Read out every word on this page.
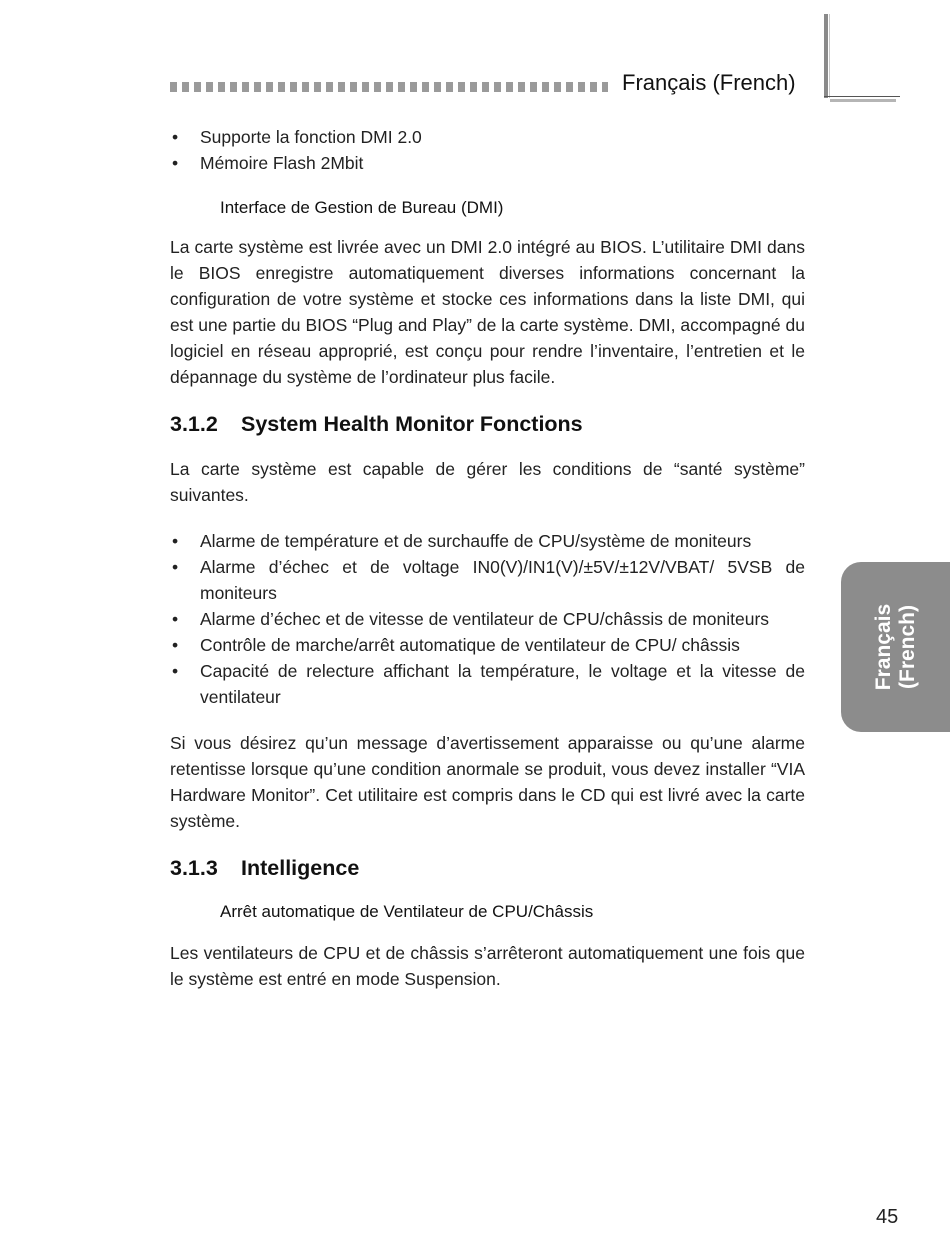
Français (French)
Français (French)
• Supporte la fonction DMI 2.0
• Mémoire Flash 2Mbit
Interface de Gestion de Bureau (DMI)

La carte système est livrée avec un DMI 2.0 intégré au BIOS. L’utilitaire DMI dans le BIOS enregistre automatiquement diverses informations concernant la configuration de votre système et stocke ces informations dans la liste DMI, qui est une partie du BIOS “Plug and Play” de la carte système. DMI, accompagné du logiciel en réseau approprié, est conçu pour rendre l’inventaire, l’entretien et le dépannage du système de l’ordinateur plus facile.

3.1.2 System Health Monitor Fonctions

La carte système est capable de gérer les conditions de “santé système” suivantes.

• Alarme de température et de surchauffe de CPU/système de moniteurs
• Alarme d’échec et de voltage IN0(V)/IN1(V)/±5V/±12V/VBAT/ 5VSB de moniteurs
• Alarme d’échec et de vitesse de ventilateur de CPU/châssis de moniteurs
• Contrôle de marche/arrêt automatique de ventilateur de CPU/ châssis
• Capacité de relecture affichant la température, le voltage et la vitesse de ventilateur

Si vous désirez qu’un message d’avertissement apparaisse ou qu’une alarme retentisse lorsque qu’une condition anormale se produit, vous devez installer “VIA Hardware Monitor”. Cet utilitaire est compris dans le CD qui est livré avec la carte système.

3.1.3 Intelligence
Arrêt automatique de Ventilateur de CPU/Châssis

Les ventilateurs de CPU et de châssis s’arrêteront automatiquement une fois que le système est entré en mode Suspension.

45
